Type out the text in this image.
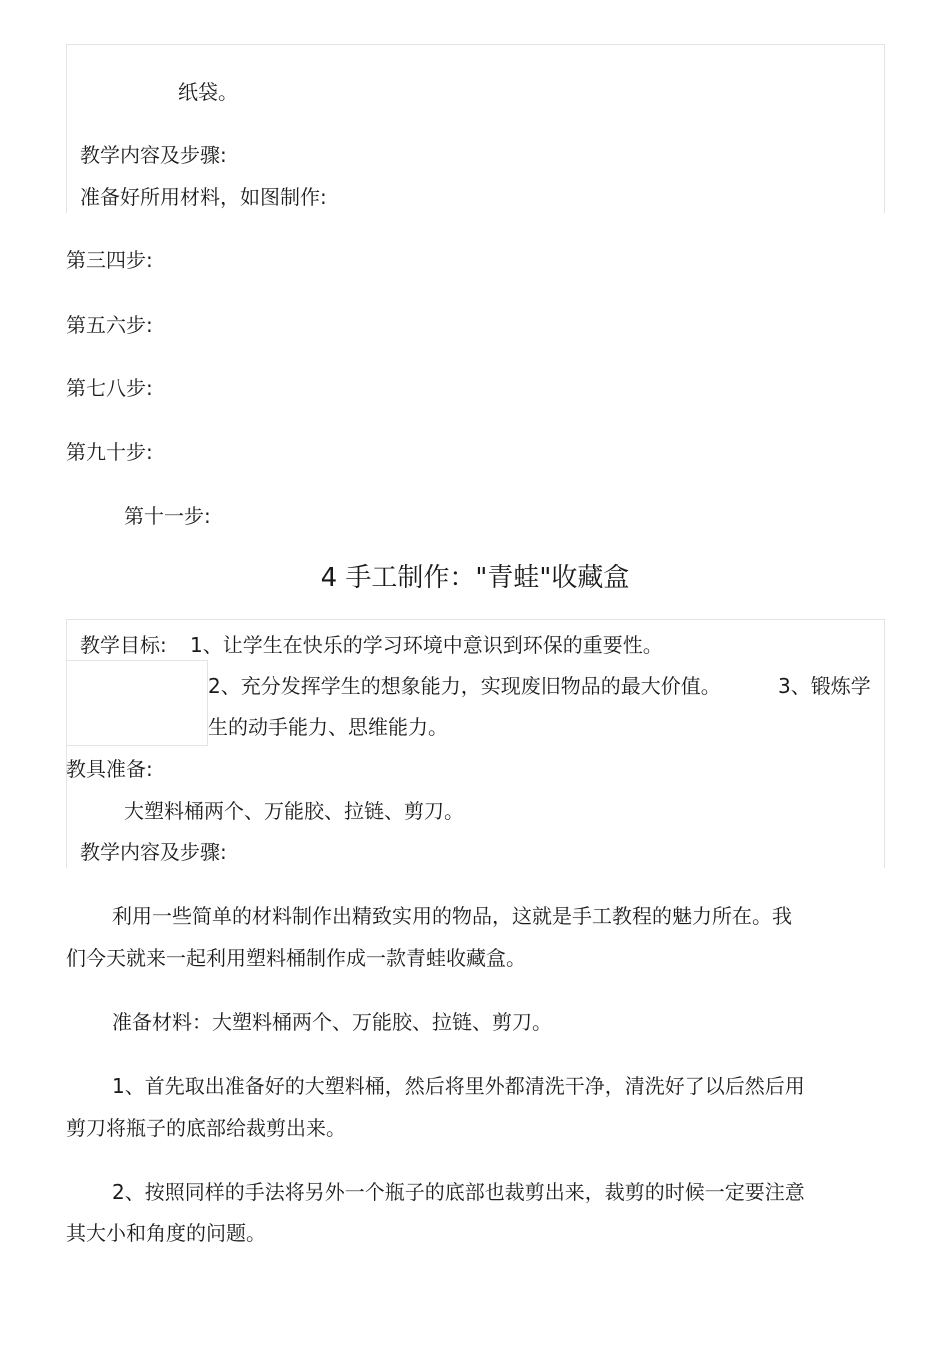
纸袋。
教学内容及步骤:
准备好所用材料，如图制作:
第三四步:
第五六步:
第七八步:
第九十步:
第十一步:
4 手工制作："青蛙"收藏盒
教学目标: 1、让学生在快乐的学习环境中意识到环保的重要性。
2、充分发挥学生的想象能力，实现废旧物品的最大价值。	3、锻炼学
生的动手能力、思维能力。
教具准备:
大塑料桶两个、万能胶、拉链、剪刀。
教学内容及步骤:
利用一些简单的材料制作出精致实用的物品，这就是手工教程的魅力所在。我
们今天就来一起利用塑料桶制作成一款青蛙收藏盒。
准备材料：大塑料桶两个、万能胶、拉链、剪刀。
1、首先取出准备好的大塑料桶，然后将里外都清洗干净，清洗好了以后然后用
剪刀将瓶子的底部给裁剪出来。
2、按照同样的手法将另外一个瓶子的底部也裁剪出来，裁剪的时候一定要注意
其大小和角度的问题。
